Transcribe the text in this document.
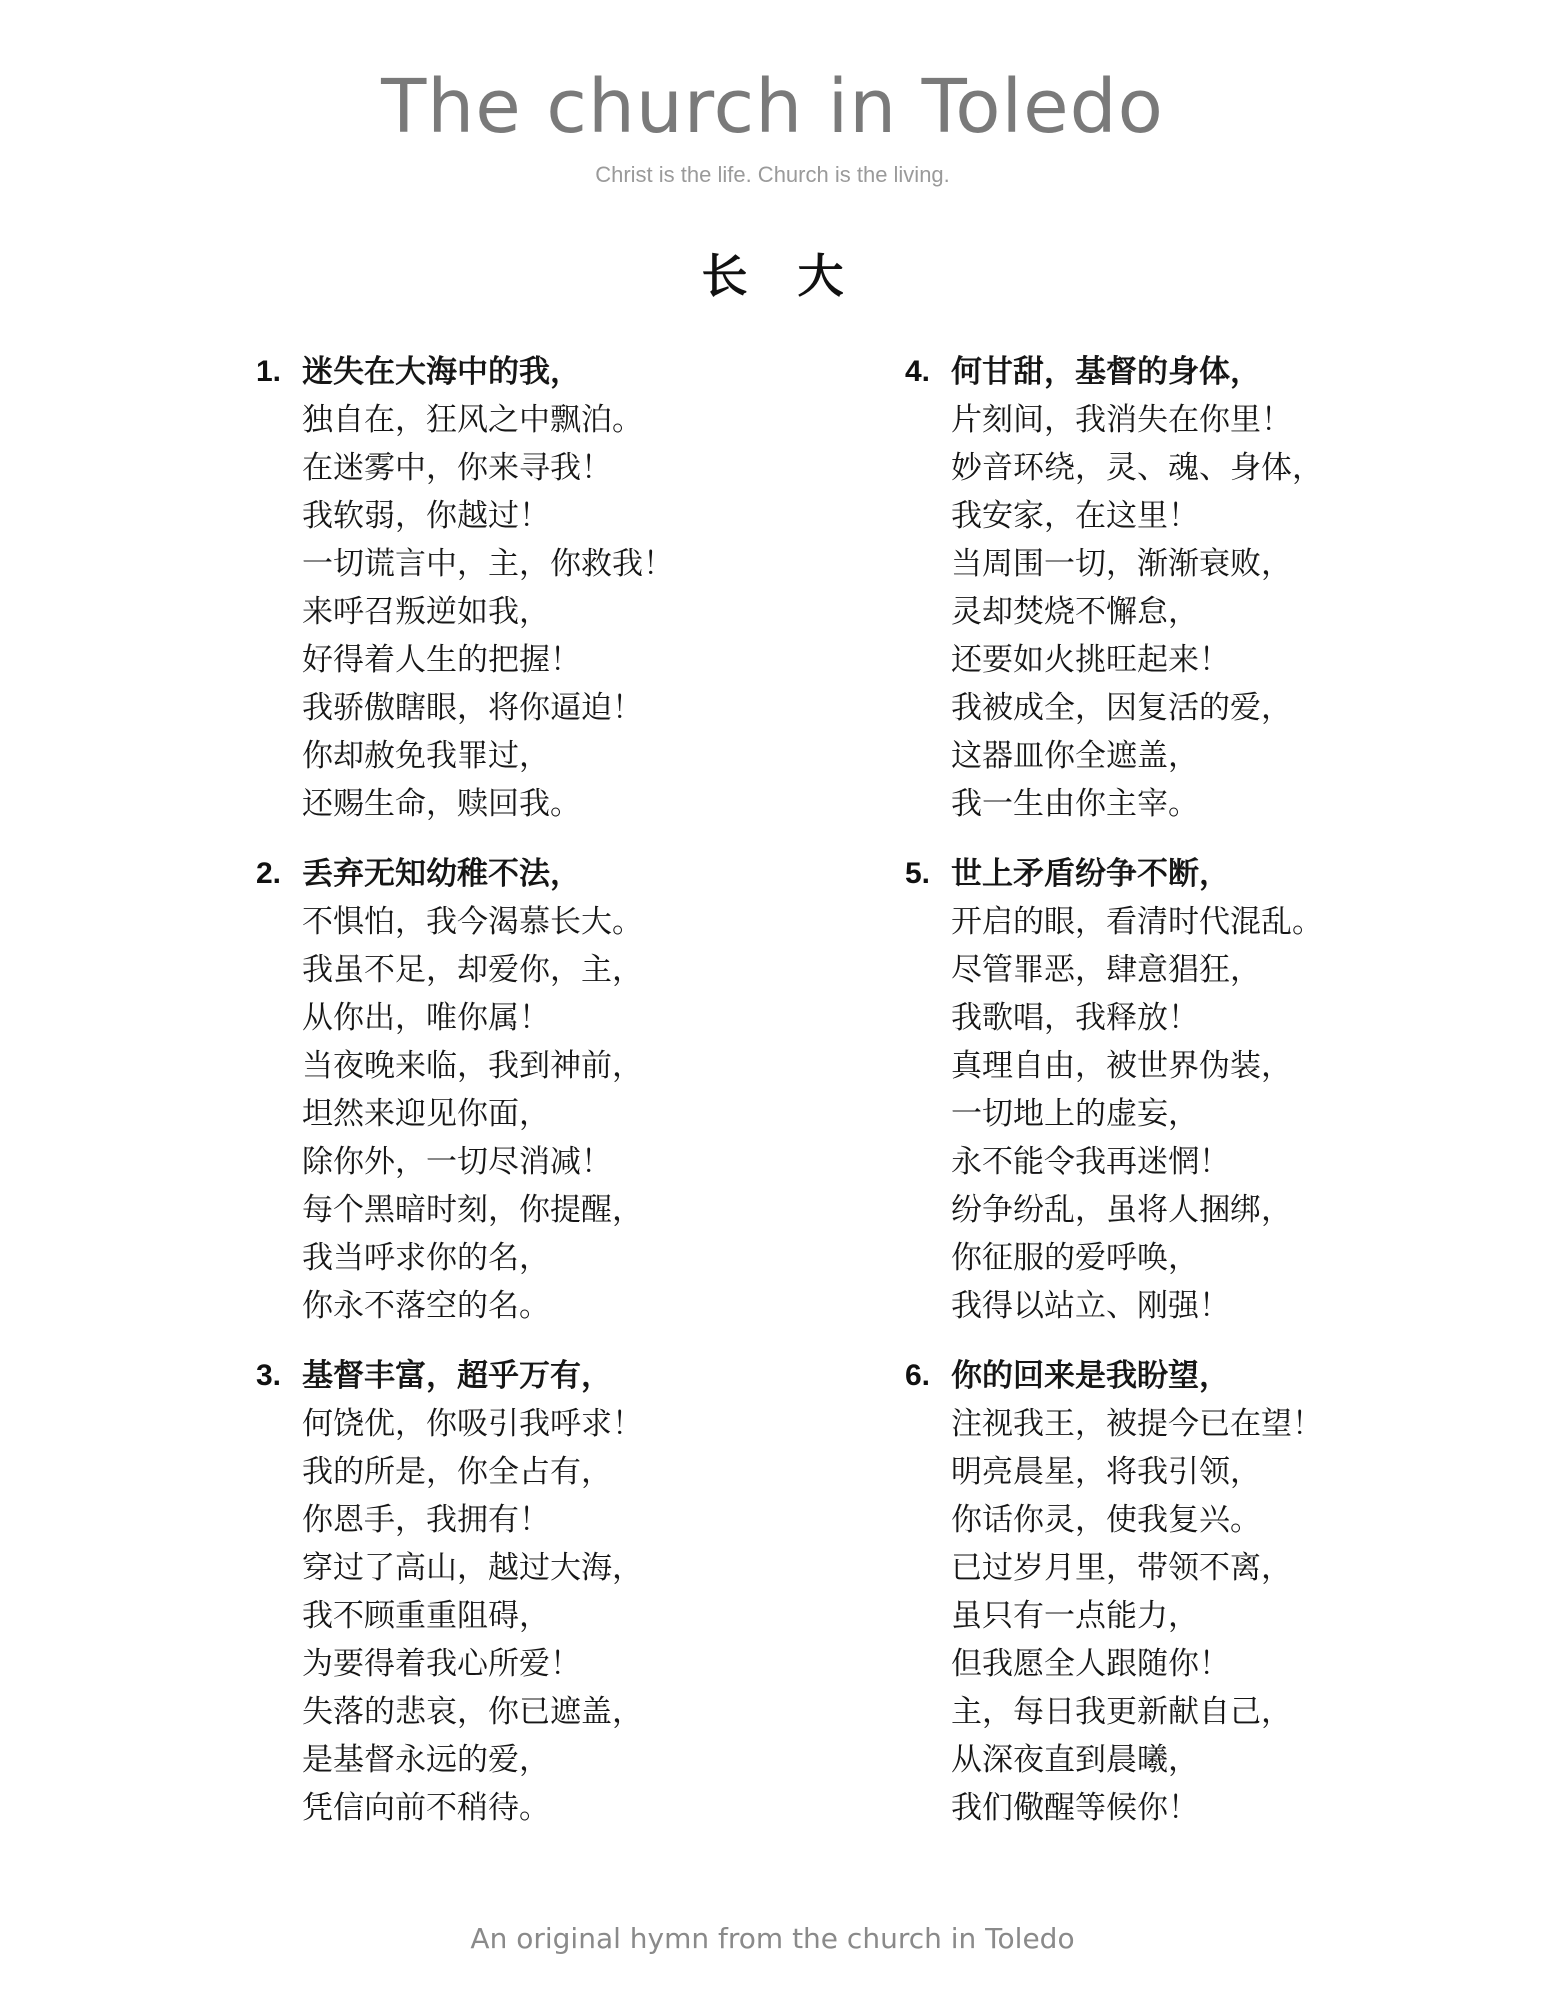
The church in Toledo
Christ is the life. Church is the living.
长大
1. 迷失在大海中的我，
独自在，狂风之中飘泊。
在迷雾中，你来寻我！
我软弱，你越过！
一切谎言中，主，你救我！
来呼召叛逆如我，
好得着人生的把握！
我骄傲瞎眼，将你逼迫！
你却赦免我罪过，
还赐生命，赎回我。
2. 丢弃无知幼稚不法，
不惧怕，我今渴慕长大。
我虽不足，却爱你，主，
从你出，唯你属！
当夜晚来临，我到神前，
坦然来迎见你面，
除你外，一切尽消减！
每个黑暗时刻，你提醒，
我当呼求你的名，
你永不落空的名。
3. 基督丰富，超乎万有，
何饶优，你吸引我呼求！
我的所是，你全占有，
你恩手，我拥有！
穿过了高山，越过大海，
我不顾重重阻碍，
为要得着我心所爱！
失落的悲哀，你已遮盖，
是基督永远的爱，
凭信向前不稍待。
4. 何甘甜，基督的身体，
片刻间，我消失在你里！
妙音环绕，灵、魂、身体，
我安家，在这里！
当周围一切，渐渐衰败，
灵却焚烧不懈怠，
还要如火挑旺起来！
我被成全，因复活的爱，
这器皿你全遮盖，
我一生由你主宰。
5. 世上矛盾纷争不断，
开启的眼，看清时代混乱。
尽管罪恶，肆意猖狂，
我歌唱，我释放！
真理自由，被世界伪装，
一切地上的虚妄，
永不能令我再迷惘！
纷争纷乱，虽将人捆绑，
你征服的爱呼唤，
我得以站立、刚强！
6. 你的回来是我盼望，
注视我王，被提今已在望！
明亮晨星，将我引领，
你话你灵，使我复兴。
已过岁月里，带领不离，
虽只有一点能力，
但我愿全人跟随你！
主，每日我更新献自己，
从深夜直到晨曦，
我们儆醒等候你！
An original hymn from the church in Toledo
